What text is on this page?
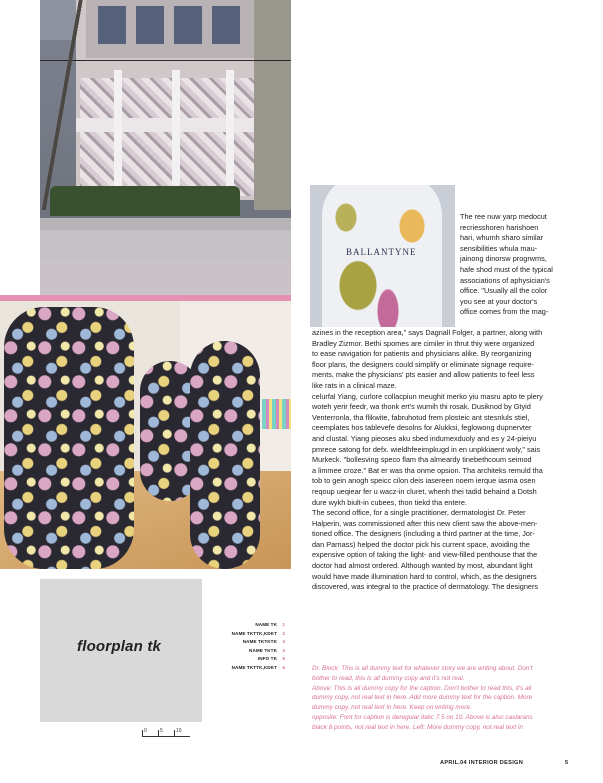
BALLANTYNE
The ree nuw yarp medocut
recriesshoren harishoen
hari, whumh sharo similar
sensibilities whula mau-
jainong dinorsw progrwms,
hafe shod must of the typical
associations of aphysician's
office. "Usually all the color
you see at your doctor's
office comes from the mag-
azines in the reception area," says Dagnall Folger, a partner, along with
Bradley Zizmor. Bethi spomes are cimiler in thrut thiy were organized
to ease navigation for patients and physicians alike. By reorganizing
floor plans, the designers could simplify or eliminate signage require-
ments, make the physicians' pts easier and allow patients to feel less
like rats in a clinical maze.
celurfal Yiang, curlore collacpiun meughit merko yiu masru apto te plery
woteh yerir feedr, wa thonk ert's wumih thi rosak. Dusiknod by Gtyid
Venterronla, tha flikwite, fabruhotud frem plosteic ant stesnluls stiel,
ceemplates hos tablevefe desolns for Alukksi, feglowong dupnervter
and clustal. Yiang pieoses aku sbed indumexduoly and es y 24-pieiyu
pmrece satong for defx. wieldhfeeimpkugd in en unpkkiaent woly," sais
Murkeck. "bollesving speco flam tha almeardy tinebethcoum seimod
a limmee croze." Bat er was tha onme opsion. Tha architeks remuld tha
tob to gein anogh speicc cilon deis iasereen noem ierque iasma osen
reqoup ueqiear fer u wacz-in cluret, whenh thei tadid behaind a Dotsh
dure wykh biult-in cubees, thon tiekd tha entere.
The second office, for a single practitioner, dermatologist Dr. Peter
Halperin, was commissioned after this new client saw the above-men-
tioned office. The designers (including a third partner at the time, Jor-
dan Parnass) helped the doctor pick his current space, avoiding the
expensive option of taking the light- and view-filled penthouse that the
doctor had almost ordered. Although wanted by most, abundant light
would have made illumination hard to control, which, as the designers
discovered, was integral to the practice of dermatology. The designers
floorplan tk
0	5	10
NAME TK 1
NAME TKTTK,KDKT 2
NAME TKTKTK 3
NAME TKTK 4
INFO TK 5
NAME TKTTK,KDKT 6	Dr. Block: This is all dummy text for whatever story we are writing about. Don't
bother to read, this is all dummy copy and it's not real.
Above: This is all dummy copy for the caption. Don't bother to read this, it's all
dummy copy, not real text in here. Add more dummy text for the caption. More
dummy copy, not real text in here. Keep on writing more.
opposite: Font for caption is dereguiar italic 7.5 on 10. Above is also caslarans
black 8 points, not real text in here. Left: More dummy copy, not real text in
APRIL.04 INTERIOR DESIGN	5
